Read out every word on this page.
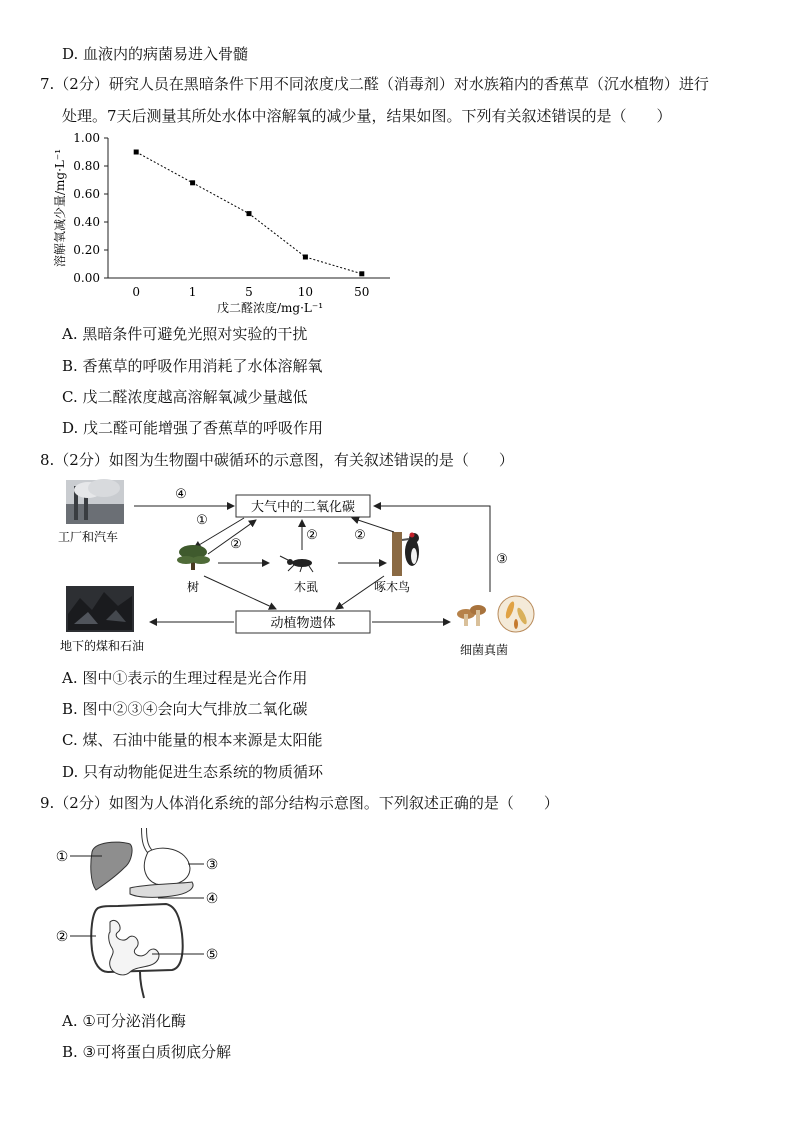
D. 血液内的病菌易进入骨髓
7.（2分）研究人员在黑暗条件下用不同浓度戊二醛（消毒剂）对水族箱内的香蕉草（沉水植物）进行
处理。7天后测量其所处水体中溶解氧的减少量，结果如图。下列有关叙述错误的是（　　）
0.00
0.20
0.40
0.60
0.80
1.00
0	1	5	10	50
戊二醛浓度/mg·L⁻¹
溶解氧减少量/mg·L⁻¹
A. 黑暗条件可避免光照对实验的干扰
B. 香蕉草的呼吸作用消耗了水体溶解氧
C. 戊二醛浓度越高溶解氧减少量越低
D. 戊二醛可能增强了香蕉草的呼吸作用
8.（2分）如图为生物圈中碳循环的示意图，有关叙述错误的是（　　）
工厂和汽车
大气中的二氧化碳
④
①
②
树	木虱
②
啄木鸟
②
动植物遗体
地下的煤和石油	细菌真菌
③
A. 图中①表示的生理过程是光合作用
B. 图中②③④会向大气排放二氧化碳
C. 煤、石油中能量的根本来源是太阳能
D. 只有动物能促进生态系统的物质循环
9.（2分）如图为人体消化系统的部分结构示意图。下列叙述正确的是（　　）
①	③
④
②
⑤
A. ①可分泌消化酶
B. ③可将蛋白质彻底分解
